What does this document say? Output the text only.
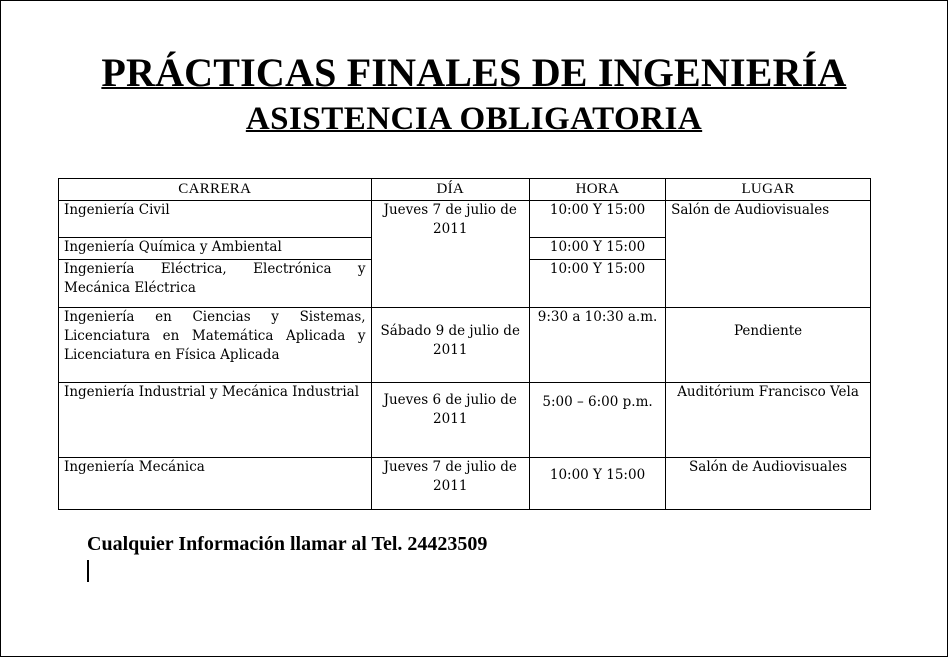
PRÁCTICAS FINALES DE INGENIERÍA
ASISTENCIA OBLIGATORIA
CARRERA	DÍA	HORA	LUGAR
Ingeniería Civil	Jueves 7 de julio de 2011	10:00 Y 15:00	Salón de Audiovisuales
Ingeniería Química y Ambiental		10:00 Y 15:00	
Ingeniería Eléctrica, Electrónica y Mecánica Eléctrica		10:00 Y 15:00	
Ingeniería en Ciencias y Sistemas, Licenciatura en Matemática Aplicada y Licenciatura en Física Aplicada	Sábado 9 de julio de 2011	9:30 a 10:30 a.m.	Pendiente
Ingeniería Industrial y Mecánica Industrial	Jueves 6 de julio de 2011	5:00 – 6:00 p.m.	Auditórium Francisco Vela
Ingeniería Mecánica	Jueves 7 de julio de 2011	10:00 Y 15:00	Salón de Audiovisuales
Cualquier Información llamar al Tel. 24423509
